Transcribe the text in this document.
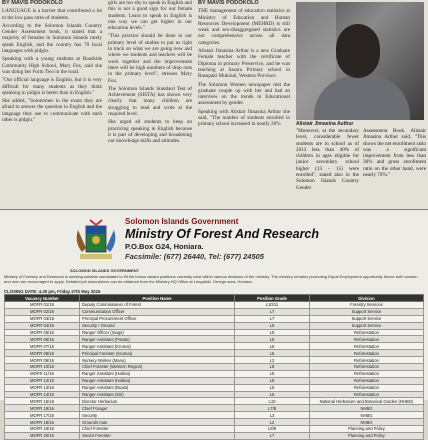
BY MAVIS PODOKOLO

LANGUAGE is a barrier that contributed a lot to the low pass rates of students.

According to the Solomon Islands Country Gender Assessment book, it stated that a majority of females in Solomon Islands rarely speak English, and the country has 70 local languages with pidgin.

Speaking with a young students at Roadside Community High School, Mary Fox, said she was doing her Form Two in the rural.

"Our official language is English, but it is very difficult for many students as they think speaking in pidgin is better than in English."

She added, "Sometimes in the exam they are afraid to answer the question in English and the language they use to communicate with each other is pidgin."

girls are too shy to speak in English and this is not a good sign for our female students. Learn to speak in English is one way we can get higher in our education levels."

"This practice should be done in our primary level of studies to put us right in track on what we are going now and where we students and teachers will be work together and the improvement there will be high numbers of drop outs in the primary level", stresses Mary Fox.

The Solomon Islands Standard Test of Achievement (SISTA) has shown very clearly that many children are struggling to read and write at the required level.

She urged all students to keep on practicing speaking in English because it is part of developing and broadening our knowledge skills and attitudes.

BY MAVIS PODOKOLO

THE management of education statistics at Ministry of Education and Human Resources Development (MEHRD) is still weak and sex-disaggregated statistics are not comprehensive across all data categories.

Alistair Jimasina Arthur is a new Graduate Female teacher with the certificate of Diploma in primary Preservice, and he was teaching at Sasara Primary school in Rasupaki Mukinni, Western Province.

The Solomon Women newspaper met the graduate couple up with her and had an interview on the trends in Educational assessment by gender.

Speaking with Alistair Jimasina Arthur she said, "The number of students enrolled in primary school increased in nearly 20%	Alistair Jimasina Authur
"Moreover, at the secondary level, considerable fewer students are in school as of 2013 less than 40% of children in ages eligible for junior secondary school higher (13 - 15) were enrolled", stated also in the Solomon Islands Country Gender
Assessment Book. Alistair Jimasina Arthur said, "This shows the net enrollment ratio was a significant improvement from less than 30% and gross enrollment ratio on the other hand, were nearly 70%."
SOLOMON ISLANDS GOVERNMENT
Solomon Islands Government
Ministry Of Forest And Research
P.O.Box G24, Honiara.
Facsimile: (677) 26440, Tel: (677) 24505
Ministry of Forestry and Research is seeking suitable candidates to fill the below vacant positions currently exist within various divisions of the ministry. The ministry remains promoting Equal Employment opportunity hence both women and men are encouraged to apply. Detailed job descriptions can be obtained from the Ministry HQ Office at Lengakiki. George area. Honiara.
CLOSING DATE: 4.30 pm, Friday 27th May 2016
Vacancy Number	Position Name	Position Grade	Division
MOFR 01/16	Deputy Commissioner of Forest	L10/11	Forestry Services
MOFR 02/16	Communication Officer	L7	Support Service
MOFR 03/16	Principal Procurement Officer	L7	Support Service
MOFR 04/16	Security / Ground	L5	Support Service
MOFR 05/16	Ranger Officer (Siage)	L5	Reforestation
MOFR 06/16	Ranger Assistant (Potato)	L5	Reforestation
MOFR 07/16	Ranger Assistant (Krumai)	L5	Reforestation
MOFR 08/16	Principal Forester (Krumai)	L5	Reforestation
MOFR 09/16	Nursery Worker (Manu)	L2	Reforestation
MOFR 10/16	Chief Forester (Western Region)	L8	Reforestation
MOFR 11/16	Ranger Assistant (Halisia)	L5	Reforestation
MOFR 12/16	Ranger Assistant (Halisia)	L5	Reforestation
MOFR 13/16	Ranger Assistant (Buala)	L5	Reforestation
MOFR 14/16	Ranger Assistant (Siri)	L5	Reforestation
MOFR 15/16	Director Herbarium	L10	National Herbarium and Botanical Garden (NHBG)
MOFR 16/16	Chief Forager	L7/8	NHBG
MOFR 17/16	Security	L3	NHBG
MOFR 18/16	Grounds man	L2	NHBG
MOFR 19/16	Chief Forester	L8/9	Planning and Policy
MOFR 20/16	Senior Forester	L7	Planning and Policy
